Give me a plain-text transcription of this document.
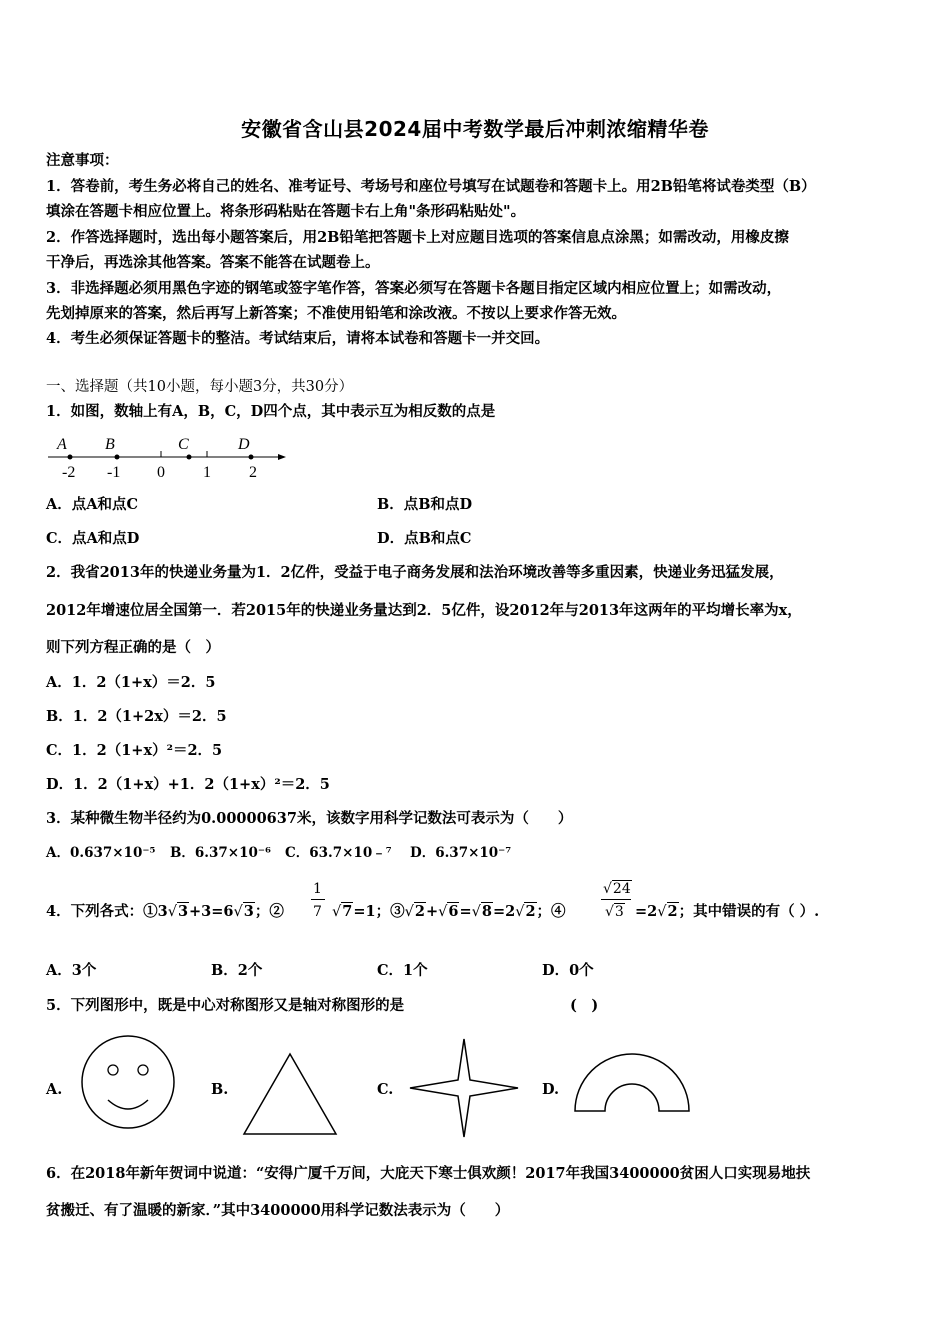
安徽省含山县2024届中考数学最后冲刺浓缩精华卷
注意事项：
1．答卷前，考生务必将自己的姓名、准考证号、考场号和座位号填写在试题卷和答题卡上。用2B铅笔将试卷类型（B）
填涂在答题卡相应位置上。将条形码粘贴在答题卡右上角"条形码粘贴处"。
2．作答选择题时，选出每小题答案后，用2B铅笔把答题卡上对应题目选项的答案信息点涂黑；如需改动，用橡皮擦
干净后，再选涂其他答案。答案不能答在试题卷上。
3．非选择题必须用黑色字迹的钢笔或签字笔作答，答案必须写在答题卡各题目指定区域内相应位置上；如需改动，
先划掉原来的答案，然后再写上新答案；不准使用铅笔和涂改液。不按以上要求作答无效。
4．考生必须保证答题卡的整洁。考试结束后，请将本试卷和答题卡一并交回。
一、选择题（共10小题，每小题3分，共30分）
1．如图，数轴上有A，B，C，D四个点，其中表示互为相反数的点是
A B	C	D
-2 -1 0 1 2
A．点A和点C	B．点B和点D
C．点A和点D	D．点B和点C
2．我省2013年的快递业务量为1．2亿件，受益于电子商务发展和法治环境改善等多重因素，快递业务迅猛发展，
2012年增速位居全国第一．若2015年的快递业务量达到2．5亿件，设2012年与2013年这两年的平均增长率为x，
则下列方程正确的是（　）
A．1．2（1+x）＝2．5
B．1．2（1+2x）＝2．5
C．1．2（1+x）²＝2．5
D．1．2（1+x）+1．2（1+x）²＝2．5
3．某种微生物半径约为0.00000637米，该数字用科学记数法可表示为（　　）
A．0.637×10⁻⁵ B．6.37×10⁻⁶ C．63.7×10﹣⁷ D．6.37×10⁻⁷
4．下列各式：①3√3+3=6√3；②
1
7 √7=1；③√2+√6=√8=2√2；④
√24
√3 =2√2；其中错误的有（ ）.
A．3个	B．2个	C．1个	D．0个
5．下列图形中，既是中心对称图形又是轴对称图形的是	(　)
A.	B.	C.	D.
6．在2018年新年贺词中说道：“安得广厦千万间，大庇天下寒士俱欢颜！2017年我国3400000贫困人口实现易地扶
贫搬迁、有了温暖的新家．”其中3400000用科学记数法表示为（　　）
